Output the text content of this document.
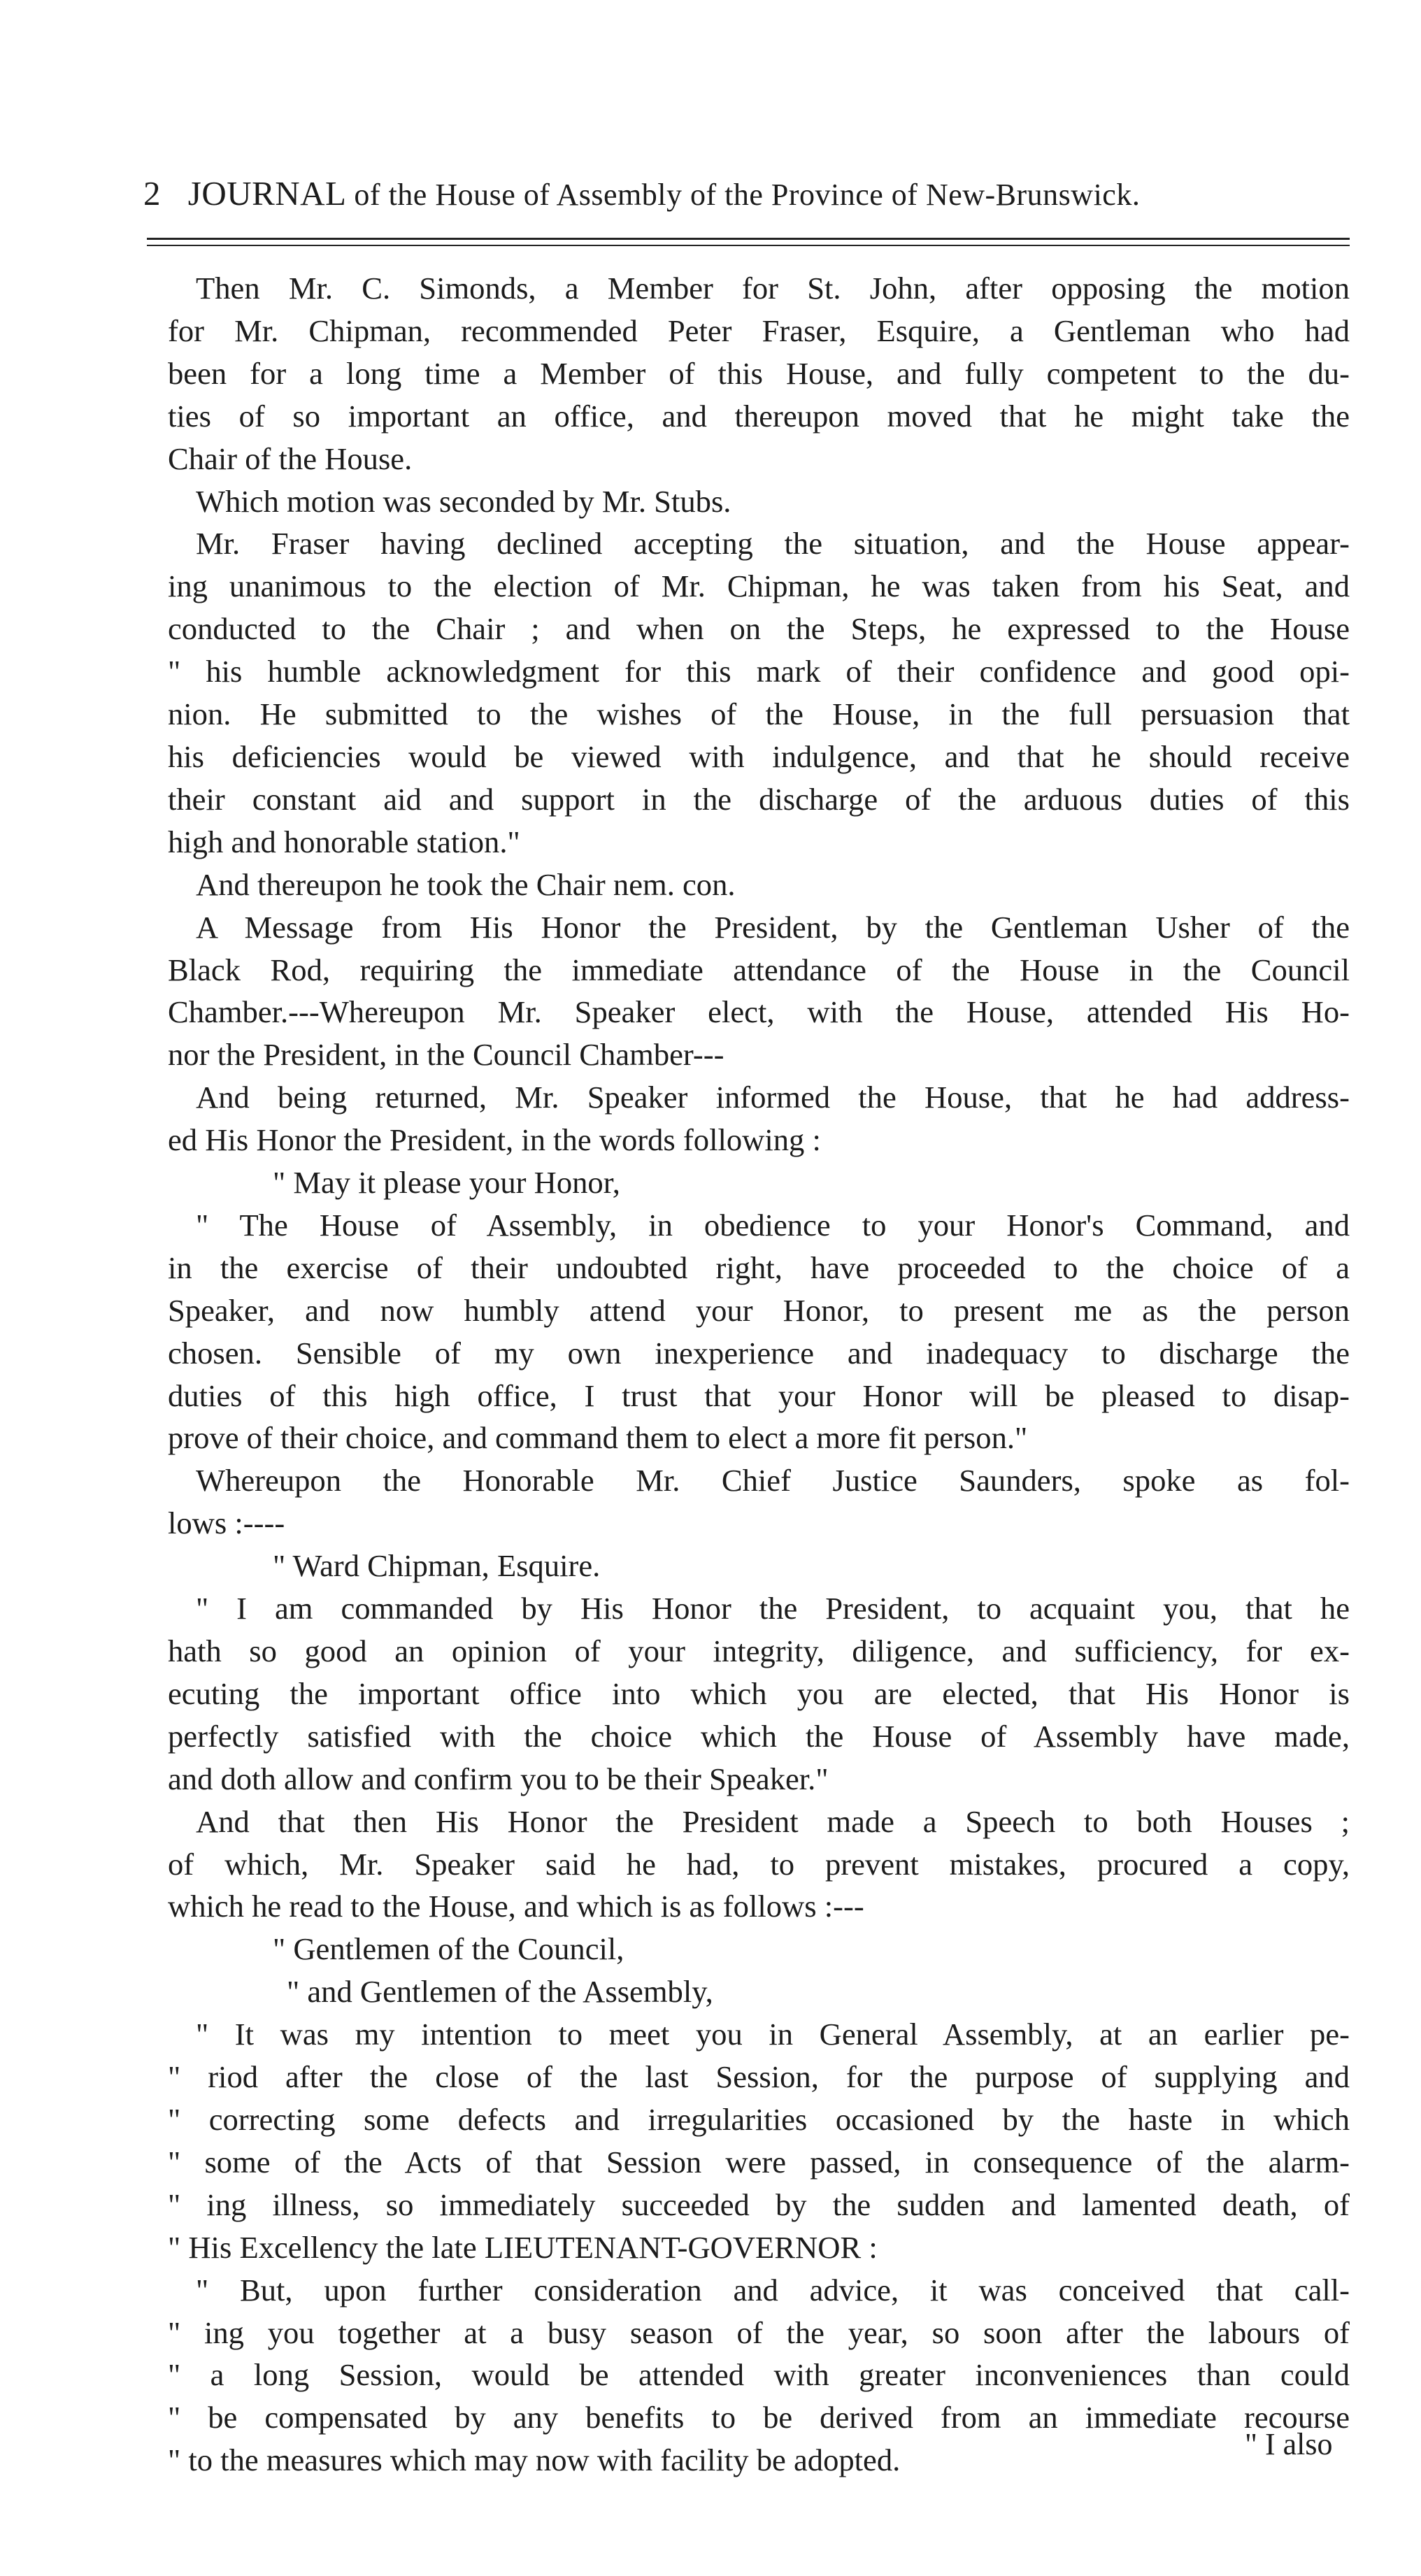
2 JOURNAL of the House of Assembly of the Province of New-Brunswick.
Then Mr. C. Simonds, a Member for St. John, after opposing the motion
for Mr. Chipman, recommended Peter Fraser, Esquire, a Gentleman who had
been for a long time a Member of this House, and fully competent to the du-
ties of so important an office, and thereupon moved that he might take the
Chair of the House.
Which motion was seconded by Mr. Stubs.
Mr. Fraser having declined accepting the situation, and the House appear-
ing unanimous to the election of Mr. Chipman, he was taken from his Seat, and
conducted to the Chair ; and when on the Steps, he expressed to the House
" his humble acknowledgment for this mark of their confidence and good opi-
nion. He submitted to the wishes of the House, in the full persuasion that
his deficiencies would be viewed with indulgence, and that he should receive
their constant aid and support in the discharge of the arduous duties of this
high and honorable station."
And thereupon he took the Chair nem. con.
A Message from His Honor the President, by the Gentleman Usher of the
Black Rod, requiring the immediate attendance of the House in the Council
Chamber.---Whereupon Mr. Speaker elect, with the House, attended His Ho-
nor the President, in the Council Chamber---
And being returned, Mr. Speaker informed the House, that he had address-
ed His Honor the President, in the words following :
" May it please your Honor,
" The House of Assembly, in obedience to your Honor's Command, and
in the exercise of their undoubted right, have proceeded to the choice of a
Speaker, and now humbly attend your Honor, to present me as the person
chosen. Sensible of my own inexperience and inadequacy to discharge the
duties of this high office, I trust that your Honor will be pleased to disap-
prove of their choice, and command them to elect a more fit person."
Whereupon the Honorable Mr. Chief Justice Saunders, spoke as fol-
lows :----
" Ward Chipman, Esquire.
" I am commanded by His Honor the President, to acquaint you, that he
hath so good an opinion of your integrity, diligence, and sufficiency, for ex-
ecuting the important office into which you are elected, that His Honor is
perfectly satisfied with the choice which the House of Assembly have made,
and doth allow and confirm you to be their Speaker."
And that then His Honor the President made a Speech to both Houses ;
of which, Mr. Speaker said he had, to prevent mistakes, procured a copy,
which he read to the House, and which is as follows :---
" Gentlemen of the Council,
" and Gentlemen of the Assembly,
" It was my intention to meet you in General Assembly, at an earlier pe-
" riod after the close of the last Session, for the purpose of supplying and
" correcting some defects and irregularities occasioned by the haste in which
" some of the Acts of that Session were passed, in consequence of the alarm-
" ing illness, so immediately succeeded by the sudden and lamented death, of
" His Excellency the late LIEUTENANT-GOVERNOR :
" But, upon further consideration and advice, it was conceived that call-
" ing you together at a busy season of the year, so soon after the labours of
" a long Session, would be attended with greater inconveniences than could
" be compensated by any benefits to be derived from an immediate recourse
" to the measures which may now with facility be adopted.	" I also
